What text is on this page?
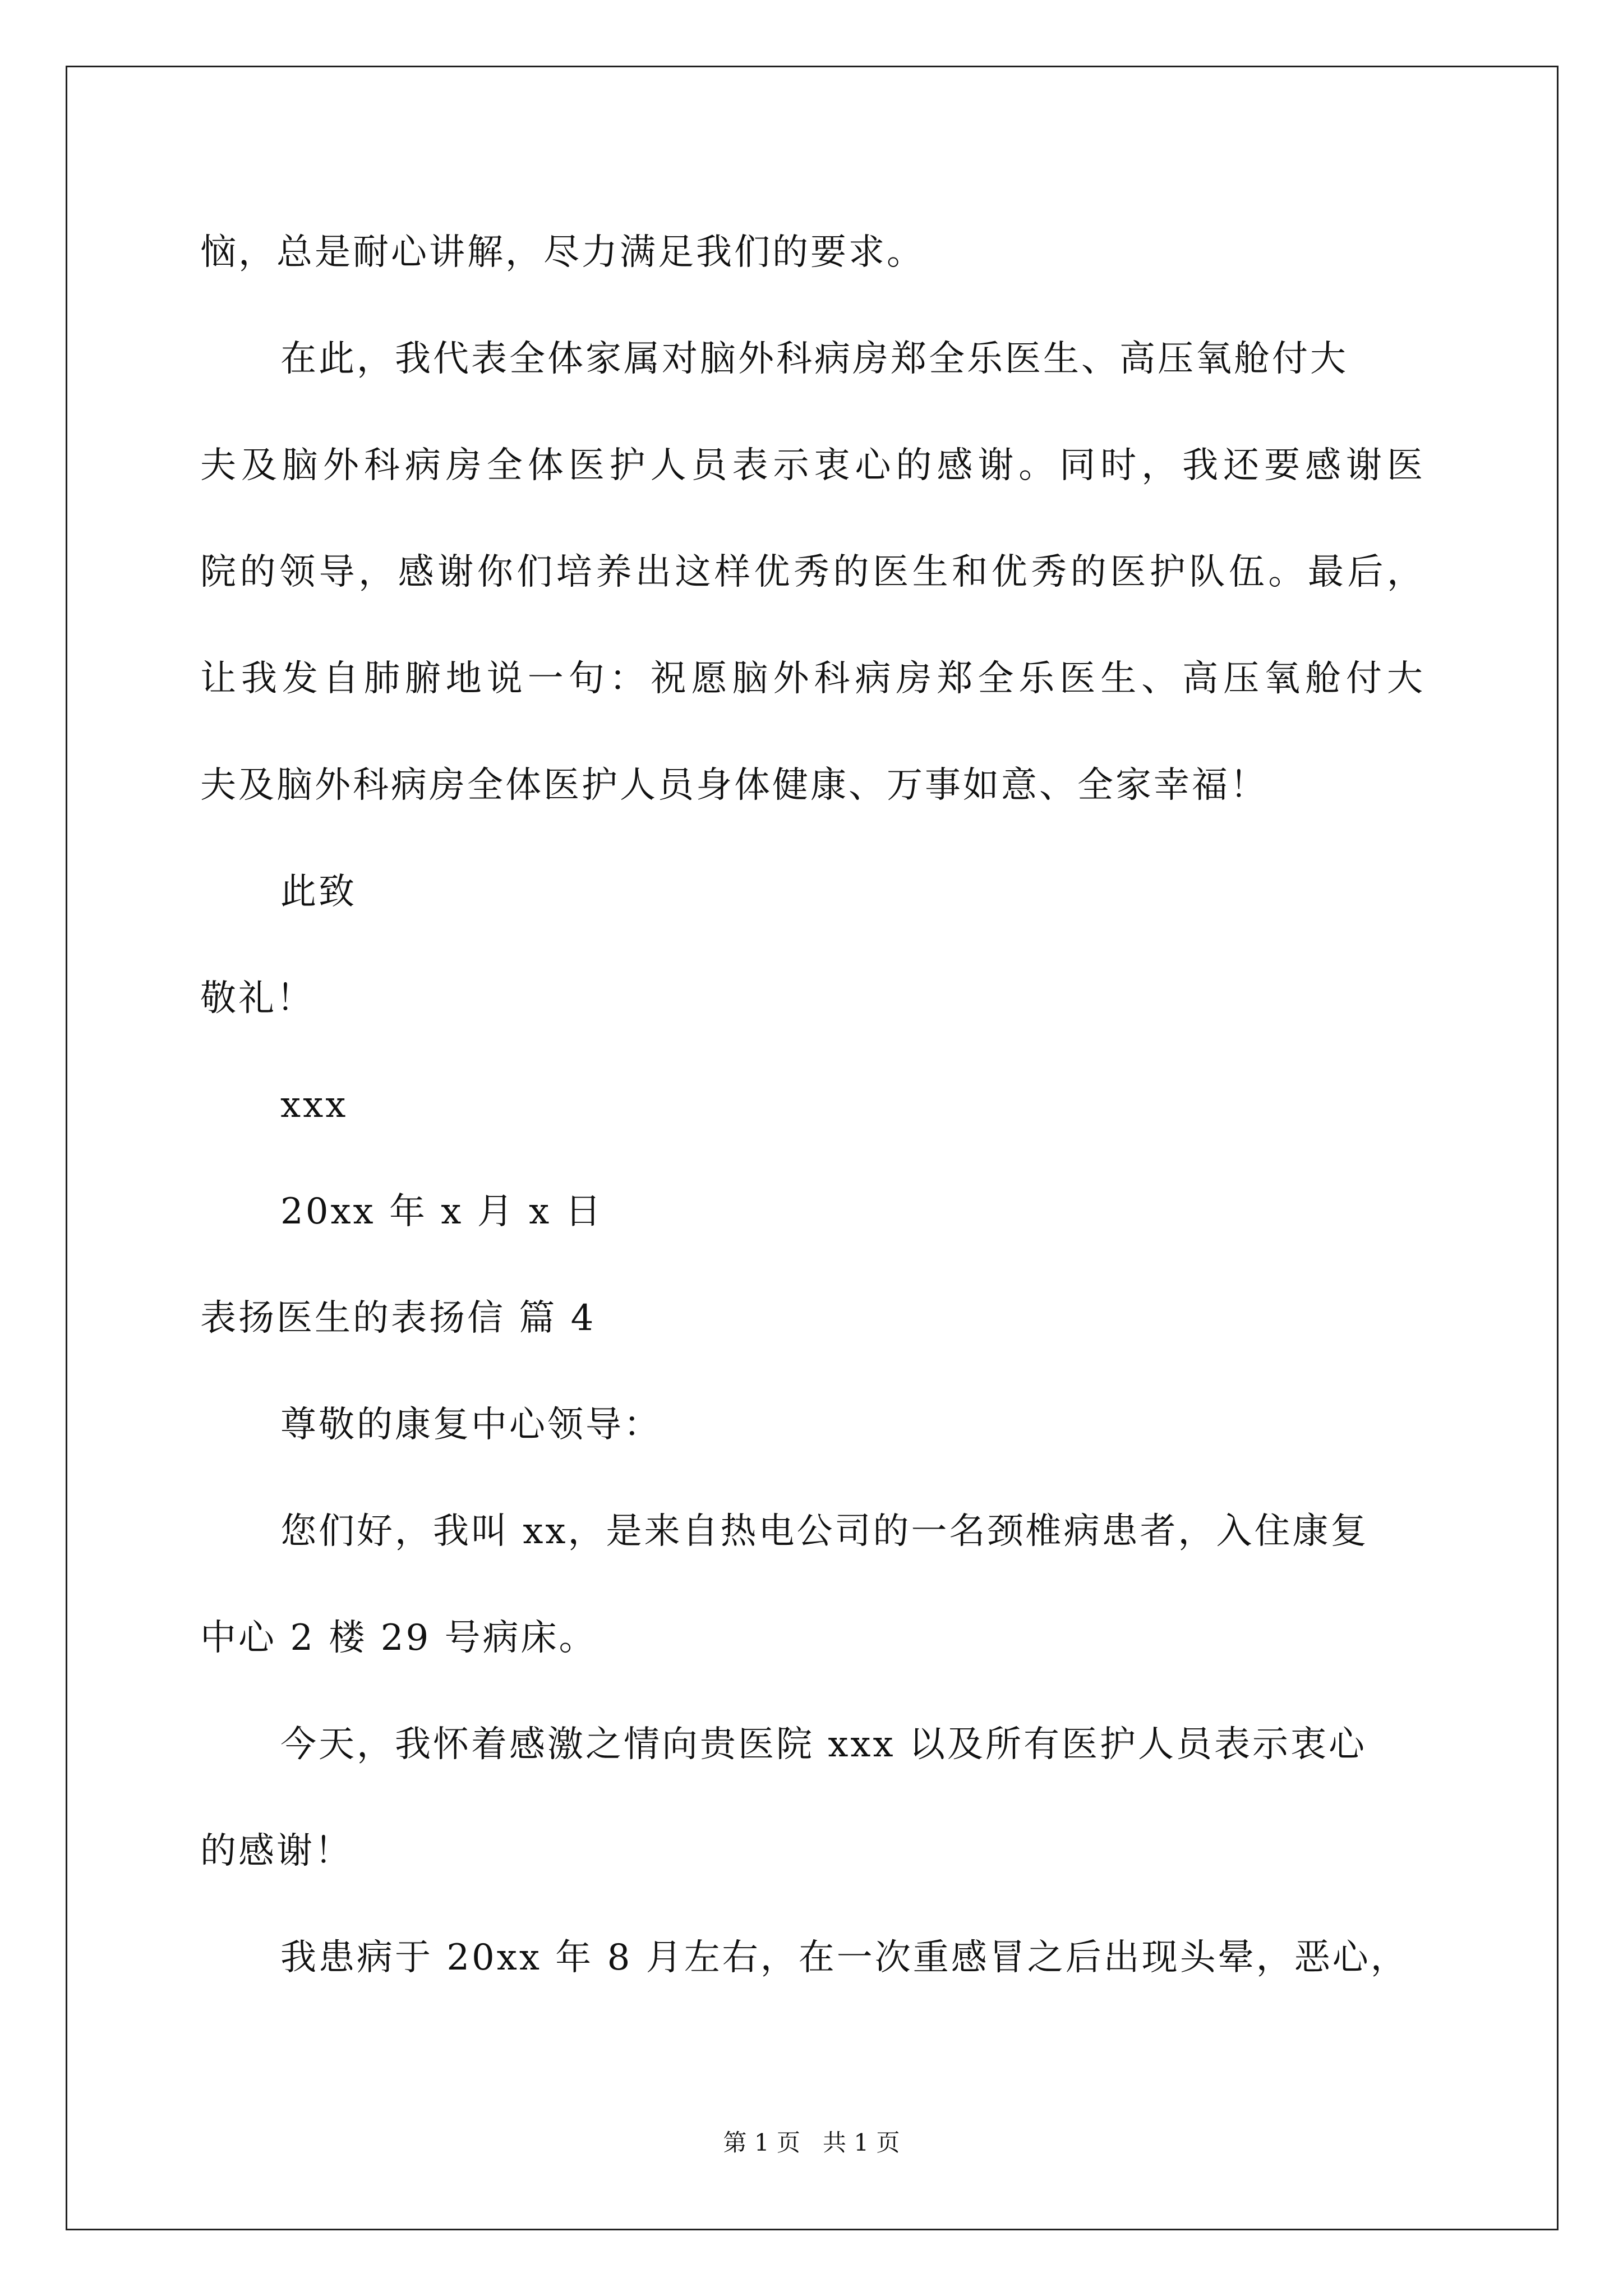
恼，总是耐心讲解，尽力满足我们的要求。
在此，我代表全体家属对脑外科病房郑全乐医生、高压氧舱付大
夫及脑外科病房全体医护人员表示衷心的感谢。同时，我还要感谢医
院的领导，感谢你们培养出这样优秀的医生和优秀的医护队伍。最后，
让我发自肺腑地说一句：祝愿脑外科病房郑全乐医生、高压氧舱付大
夫及脑外科病房全体医护人员身体健康、万事如意、全家幸福！
此致
敬礼！
xxx
20xx 年 x 月 x 日
表扬医生的表扬信 篇 4
尊敬的康复中心领导：
您们好，我叫 xx，是来自热电公司的一名颈椎病患者，入住康复
中心 2 楼 29 号病床。
今天，我怀着感激之情向贵医院 xxx 以及所有医护人员表示衷心
的感谢！
我患病于 20xx 年 8 月左右，在一次重感冒之后出现头晕，恶心，
第 1 页   共 1 页
